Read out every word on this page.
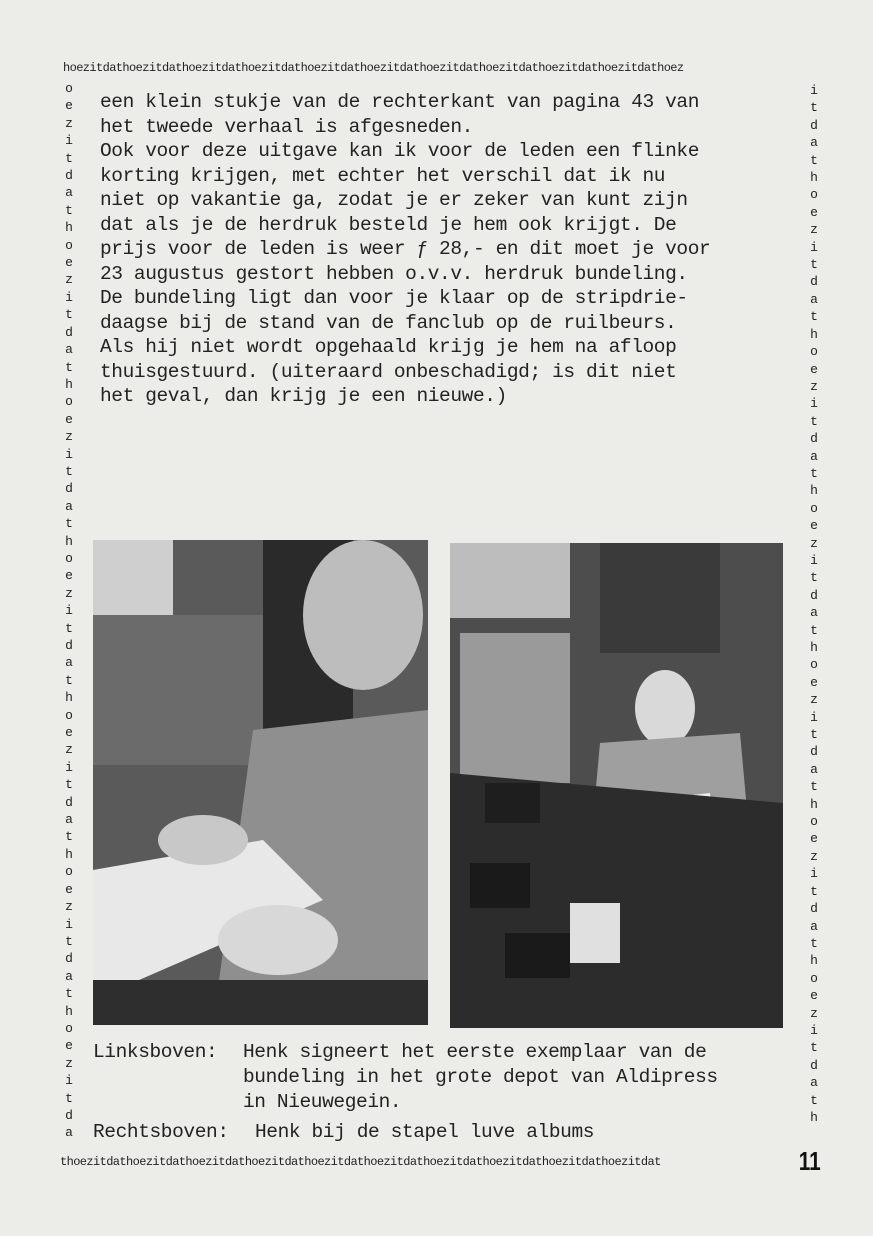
hoezitdathoezitdathoezitdathoezitdathoezitdathoezitdathoezitdathoezitdathoezitdathoezitdathoez
oezitdathoezitdathoezitdathoezitdathoezitdathoezitdathoezitda
itdathoezitdathoezitdathoezitdathoezitdathoezitdathoezitdath
een klein stukje van de rechterkant van pagina 43 van
het tweede verhaal is afgesneden.
Ook voor deze uitgave kan ik voor de leden een flinke
korting krijgen, met echter het verschil dat ik nu
niet op vakantie ga, zodat je er zeker van kunt zijn
dat als je de herdruk besteld je hem ook krijgt. De
prijs voor de leden is weer ƒ 28,- en dit moet je voor
23 augustus gestort hebben o.v.v. herdruk bundeling.
De bundeling ligt dan voor je klaar op de stripdrie-
daagse bij de stand van de fanclub op de ruilbeurs.
Als hij niet wordt opgehaald krijg je hem na afloop
thuisgestuurd. (uiteraard onbeschadigd; is dit niet
het geval, dan krijg je een nieuwe.)
Linksboven: Henk signeert het eerste exemplaar van de
bundeling in het grote depot van Aldipress
in Nieuwegein.
Rechtsboven: Henk bij de stapel luve albums
thoezitdathoezitdathoezitdathoezitdathoezitdathoezitdathoezitdathoezitdathoezitdathoezitdat	11
